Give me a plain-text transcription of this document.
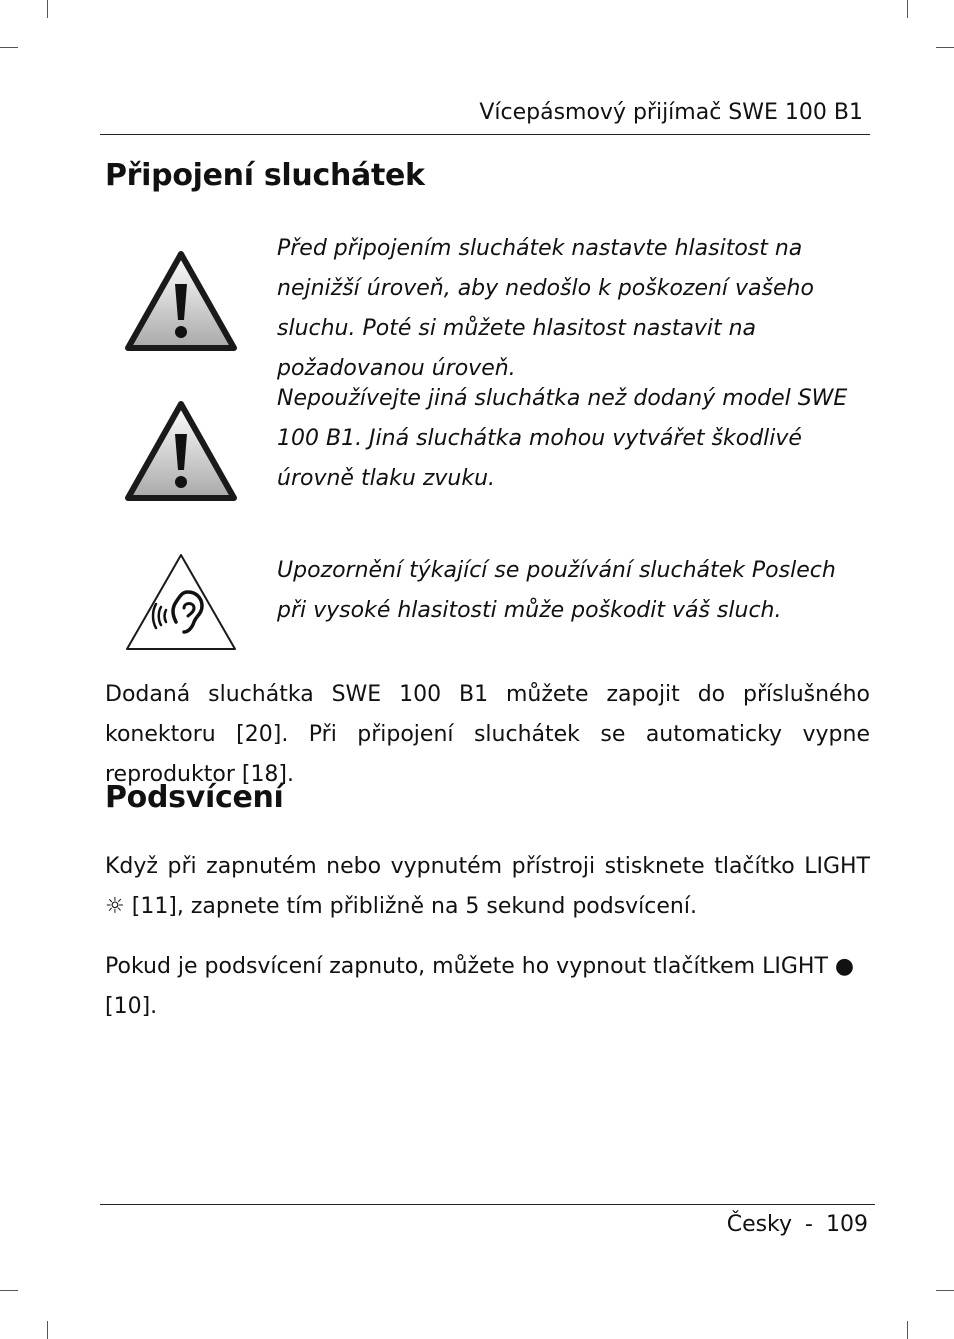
Vícepásmový přijímač SWE 100 B1
Připojení sluchátek
Před připojením sluchátek nastavte hlasitost na nejnižší úroveň, aby nedošlo k poškození vašeho sluchu. Poté si můžete hlasitost nastavit na požadovanou úroveň.
Nepoužívejte jiná sluchátka než dodaný model SWE 100 B1. Jiná sluchátka mohou vytvářet škodlivé úrovně tlaku zvuku.
Upozornění týkající se používání sluchátek Poslech při vysoké hlasitosti může poškodit váš sluch.
Dodaná sluchátka SWE 100 B1 můžete zapojit do příslušného konektoru [20]. Při připojení sluchátek se automaticky vypne reproduktor [18].
Podsvícení
Když při zapnutém nebo vypnutém přístroji stisknete tlačítko LIGHT ☼ [11], zapnete tím přibližně na 5 sekund podsvícení.
Pokud je podsvícení zapnuto, můžete ho vypnout tlačítkem LIGHT ● [10].
Česky - 109
